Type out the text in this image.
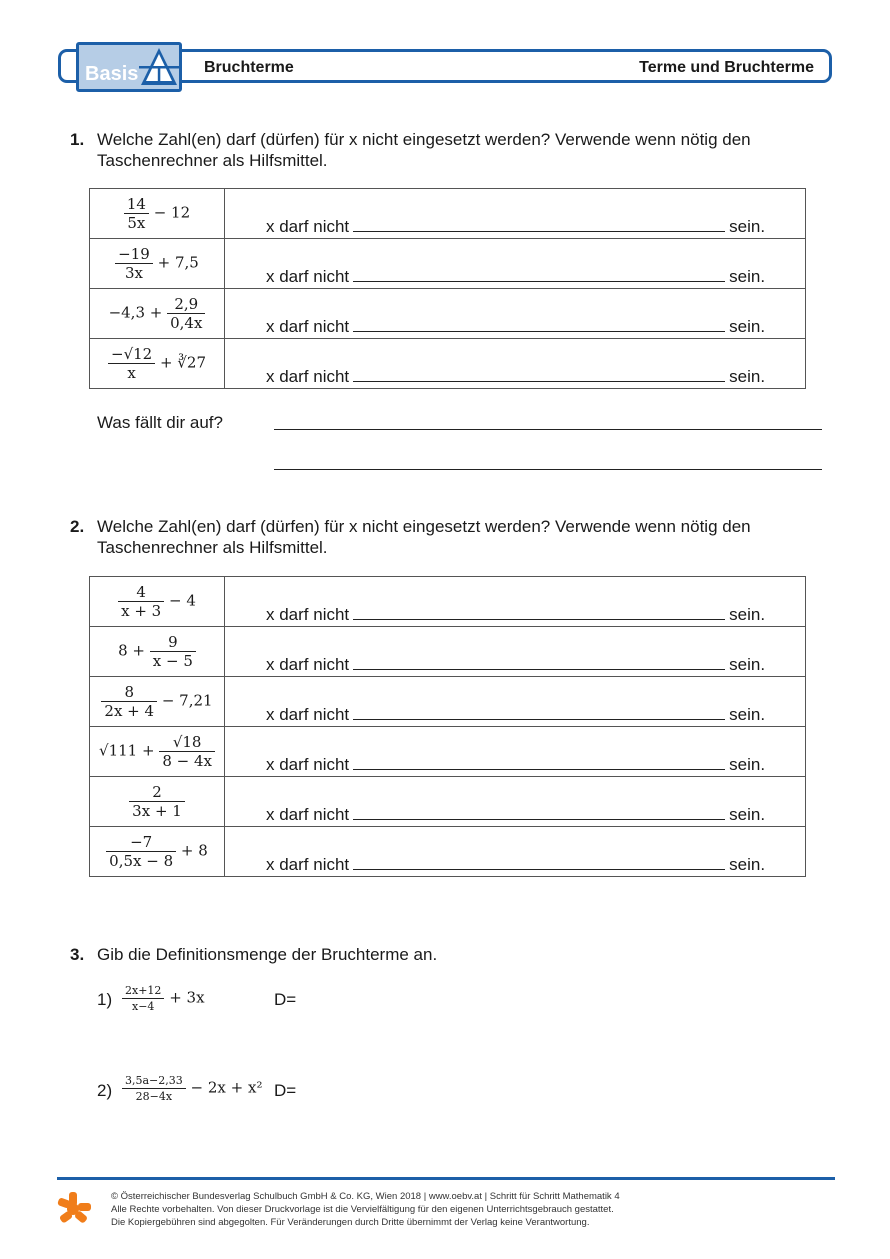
Basis	Bruchterme	Terme und Bruchterme
1. Welche Zahl(en) darf (dürfen) für x nicht eingesetzt werden? Verwende wenn nötig den
Taschenrechner als Hilfsmittel.
$\frac{14}{5x} - 12$	x darf nicht sein.

$\frac{-19}{3x} + 7,5$	x darf nicht sein.

$-4,3 + \frac{2,9}{0,4x}$	x darf nicht sein.

$\frac{-√12}{x}$ + ∛27	x darf nicht sein.
Was fällt dir auf?
2. Welche Zahl(en) darf (dürfen) für x nicht eingesetzt werden? Verwende wenn nötig den
Taschenrechner als Hilfsmittel.
$\frac{4}{x + 3} - 4$	x darf nicht sein.

$8 + \frac{9}{x - 5}$	x darf nicht sein.

$\frac{8}{2x + 4} - 7,21$	x darf nicht sein.

$√111 + \frac{√18}{8 - 4x}$	x darf nicht sein.

$\frac{2}{3x + 1}$	x darf nicht sein.

$\frac{-7}{0,5x - 8} + 8$	x darf nicht sein.
3. Gib die Definitionsmenge der Bruchterme an.
$1) \frac{2x+12}{x-4} + 3x$	D=
$2) \frac{3,5a-2,33}{28-4x} - 2x + x^2$ D=
© Österreichischer Bundesverlag Schulbuch GmbH & Co. KG, Wien 2018 | www.oebv.at | Schritt für Schritt Mathematik 4
Alle Rechte vorbehalten. Von dieser Druckvorlage ist die Vervielfältigung für den eigenen Unterrichtsgebrauch gestattet.
Die Kopiergebühren sind abgegolten. Für Veränderungen durch Dritte übernimmt der Verlag keine Verantwortung.
